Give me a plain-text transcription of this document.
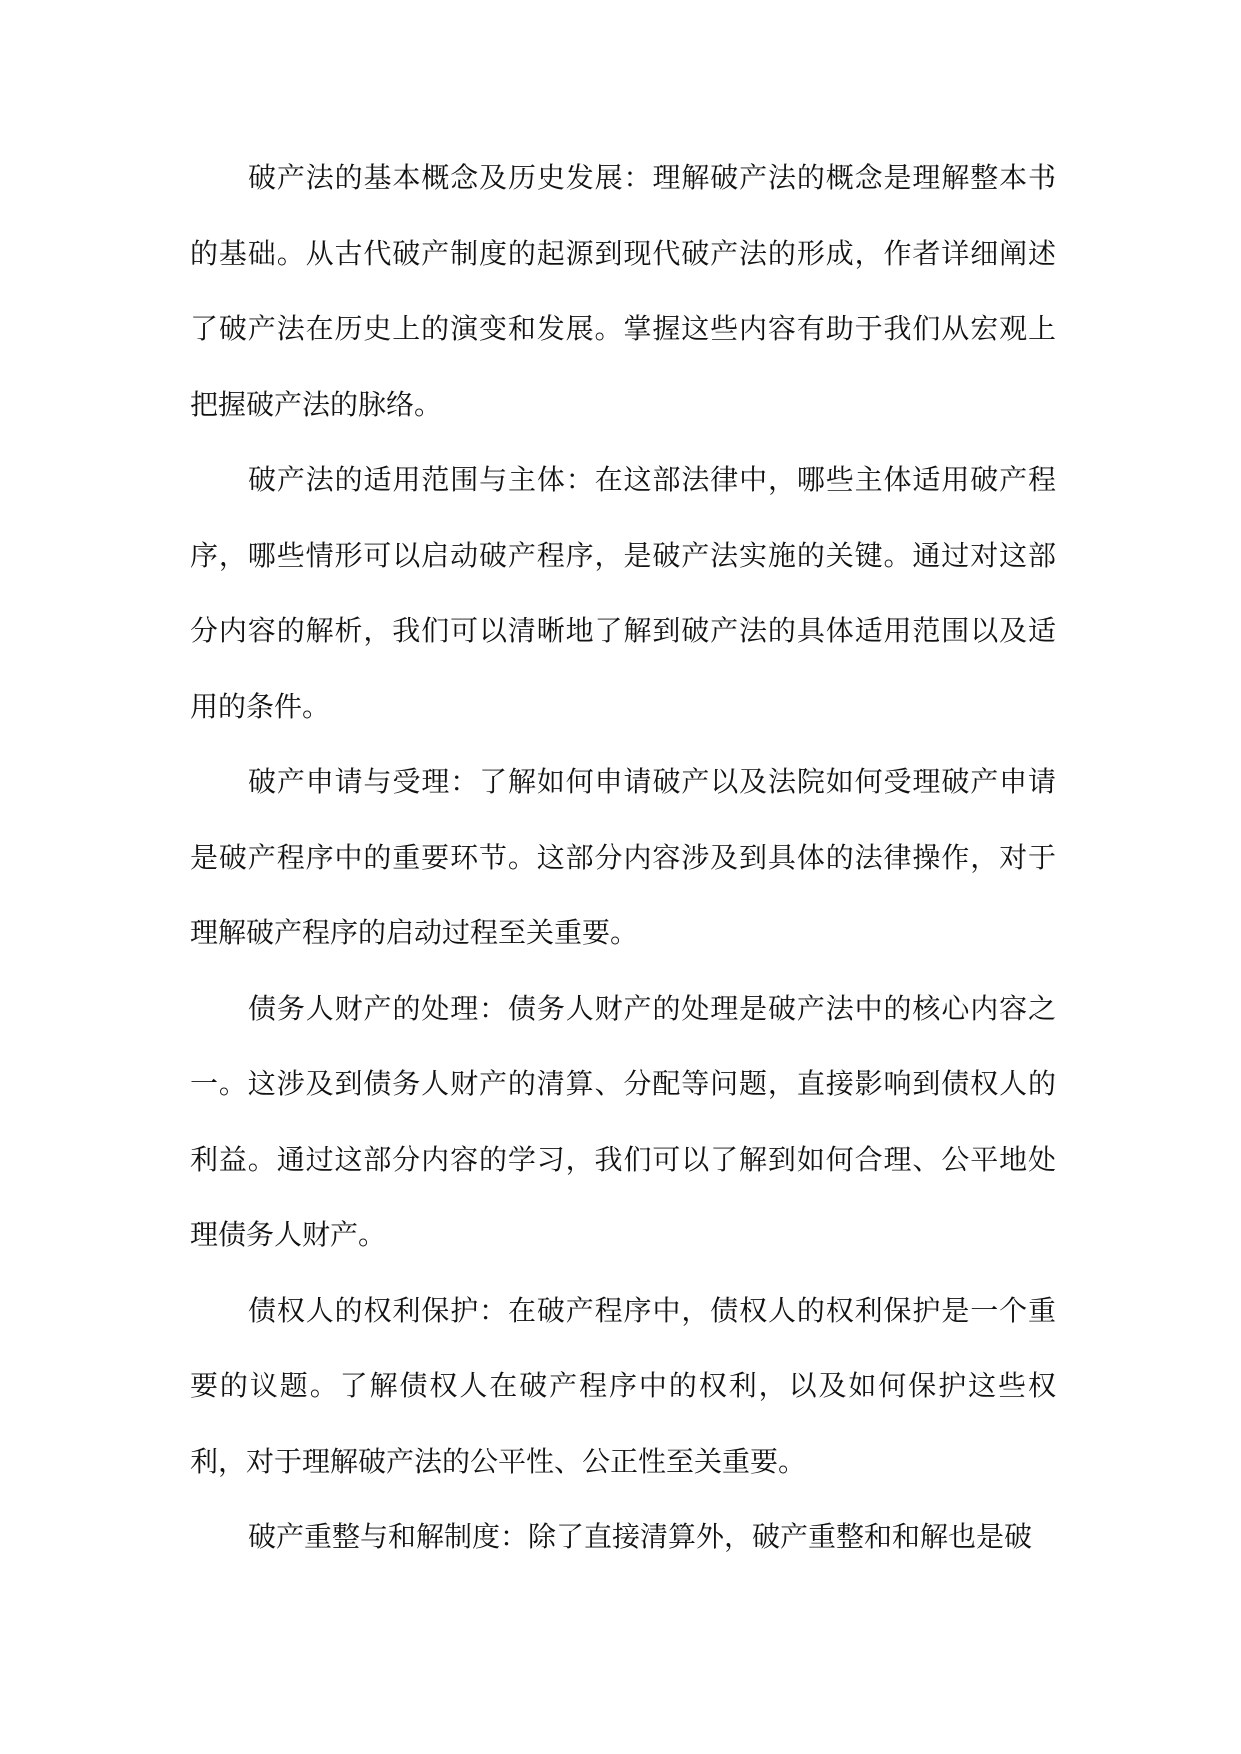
破产法的基本概念及历史发展：理解破产法的概念是理解整本书的基础。从古代破产制度的起源到现代破产法的形成，作者详细阐述了破产法在历史上的演变和发展。掌握这些内容有助于我们从宏观上把握破产法的脉络。

破产法的适用范围与主体：在这部法律中，哪些主体适用破产程序，哪些情形可以启动破产程序，是破产法实施的关键。通过对这部分内容的解析，我们可以清晰地了解到破产法的具体适用范围以及适用的条件。

破产申请与受理：了解如何申请破产以及法院如何受理破产申请是破产程序中的重要环节。这部分内容涉及到具体的法律操作，对于理解破产程序的启动过程至关重要。

债务人财产的处理：债务人财产的处理是破产法中的核心内容之一。这涉及到债务人财产的清算、分配等问题，直接影响到债权人的利益。通过这部分内容的学习，我们可以了解到如何合理、公平地处理债务人财产。

债权人的权利保护：在破产程序中，债权人的权利保护是一个重要的议题。了解债权人在破产程序中的权利，以及如何保护这些权利，对于理解破产法的公平性、公正性至关重要。

破产重整与和解制度：除了直接清算外，破产重整和和解也是破
